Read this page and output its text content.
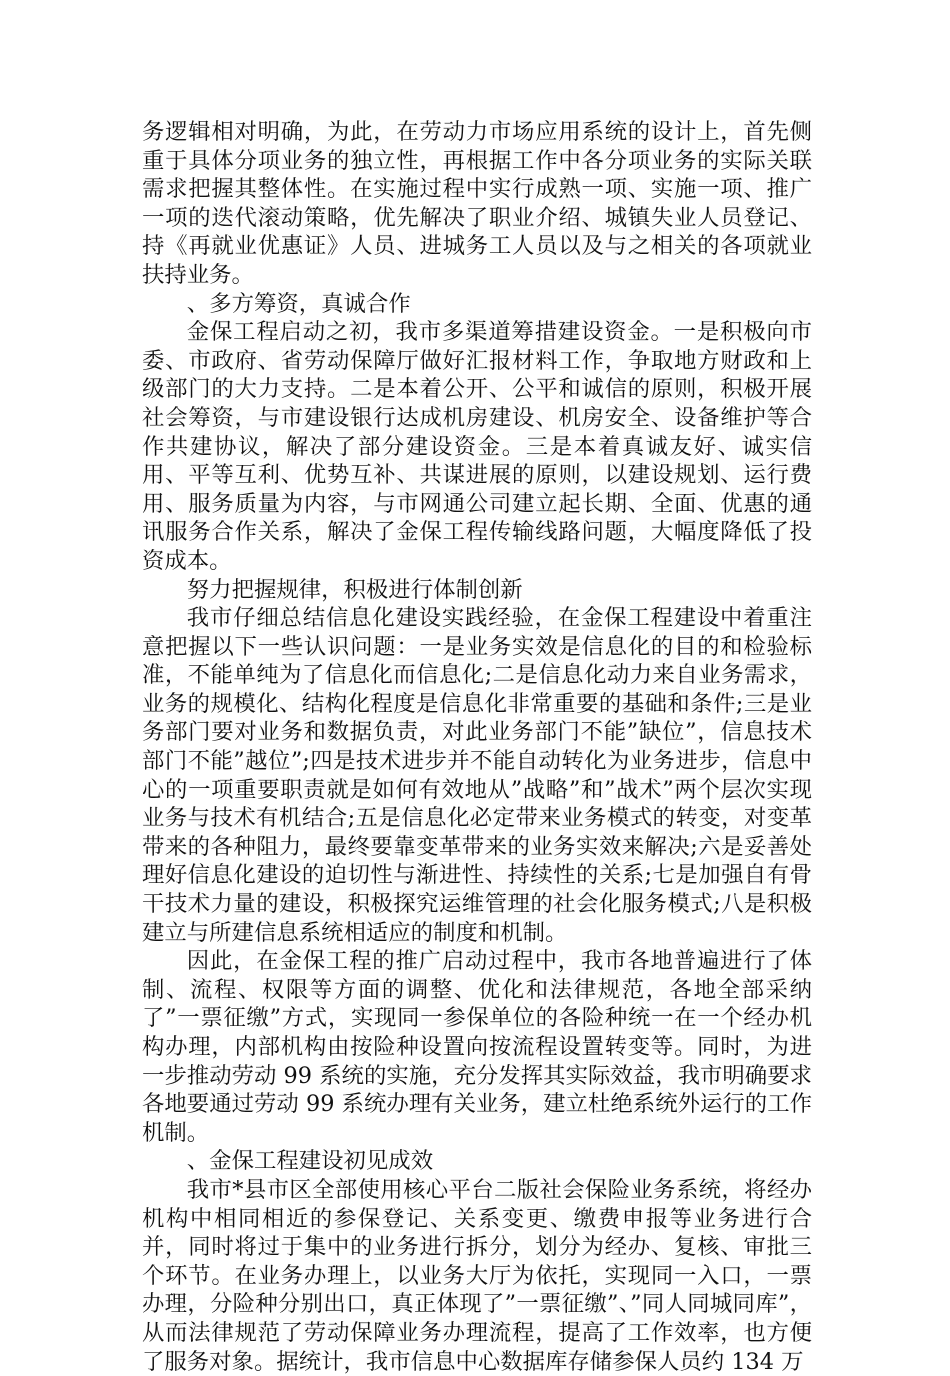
务逻辑相对明确，为此，在劳动力市场应用系统的设计上，首先侧重于具体分项业务的独立性，再根据工作中各分项业务的实际关联需求把握其整体性。在实施过程中实行成熟一项、实施一项、推广一项的迭代滚动策略，优先解决了职业介绍、城镇失业人员登记、持《再就业优惠证》人员、进城务工人员以及与之相关的各项就业扶持业务。

、多方筹资，真诚合作

金保工程启动之初，我市多渠道筹措建设资金。一是积极向市委、市政府、省劳动保障厅做好汇报材料工作，争取地方财政和上级部门的大力支持。二是本着公开、公平和诚信的原则，积极开展社会筹资，与市建设银行达成机房建设、机房安全、设备维护等合作共建协议，解决了部分建设资金。三是本着真诚友好、诚实信用、平等互利、优势互补、共谋进展的原则，以建设规划、运行费用、服务质量为内容，与市网通公司建立起长期、全面、优惠的通讯服务合作关系，解决了金保工程传输线路问题，大幅度降低了投资成本。

努力把握规律，积极进行体制创新

我市仔细总结信息化建设实践经验，在金保工程建设中着重注意把握以下一些认识问题：一是业务实效是信息化的目的和检验标准，不能单纯为了信息化而信息化;二是信息化动力来自业务需求，业务的规模化、结构化程度是信息化非常重要的基础和条件;三是业务部门要对业务和数据负责，对此业务部门不能”缺位”，信息技术部门不能”越位”;四是技术进步并不能自动转化为业务进步，信息中心的一项重要职责就是如何有效地从”战略”和”战术”两个层次实现业务与技术有机结合;五是信息化必定带来业务模式的转变，对变革带来的各种阻力，最终要靠变革带来的业务实效来解决;六是妥善处理好信息化建设的迫切性与渐进性、持续性的关系;七是加强自有骨干技术力量的建设，积极探究运维管理的社会化服务模式;八是积极建立与所建信息系统相适应的制度和机制。

因此，在金保工程的推广启动过程中，我市各地普遍进行了体制、流程、权限等方面的调整、优化和法律规范，各地全部采纳了”一票征缴”方式，实现同一参保单位的各险种统一在一个经办机构办理，内部机构由按险种设置向按流程设置转变等。同时，为进一步推动劳动 99 系统的实施，充分发挥其实际效益，我市明确要求各地要通过劳动 99 系统办理有关业务，建立杜绝系统外运行的工作机制。

、金保工程建设初见成效

我市*县市区全部使用核心平台二版社会保险业务系统，将经办机构中相同相近的参保登记、关系变更、缴费申报等业务进行合并，同时将过于集中的业务进行拆分，划分为经办、复核、审批三个环节。在业务办理上，以业务大厅为依托，实现同一入口，一票办理，分险种分别出口，真正体现了”一票征缴”、”同人同城同库”，从而法律规范了劳动保障业务办理流程，提高了工作效率，也方便了服务对象。据统计，我市信息中心数据库存储参保人员约 134 万
